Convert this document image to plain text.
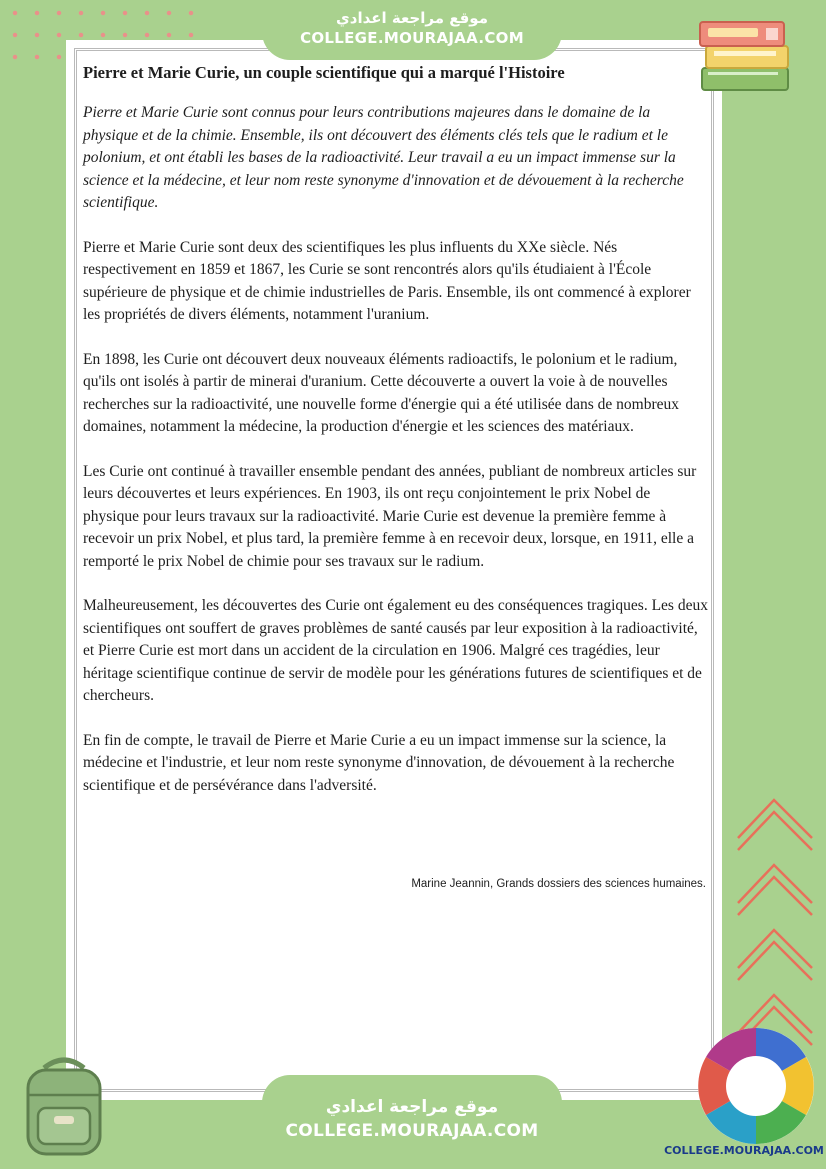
موقع مراجعة اعدادي
COLLEGE.MOURAJAA.COM
Pierre et Marie Curie, un couple scientifique qui a marqué l'Histoire

Pierre et Marie Curie sont connus pour leurs contributions majeures dans le domaine de la physique et de la chimie. Ensemble, ils ont découvert des éléments clés tels que le radium et le polonium, et ont établi les bases de la radioactivité. Leur travail a eu un impact immense sur la science et la médecine, et leur nom reste synonyme d'innovation et de dévouement à la recherche scientifique.

Pierre et Marie Curie sont deux des scientifiques les plus influents du XXe siècle. Nés respectivement en 1859 et 1867, les Curie se sont rencontrés alors qu'ils étudiaient à l'École supérieure de physique et de chimie industrielles de Paris. Ensemble, ils ont commencé à explorer les propriétés de divers éléments, notamment l'uranium.

En 1898, les Curie ont découvert deux nouveaux éléments radioactifs, le polonium et le radium, qu'ils ont isolés à partir de minerai d'uranium. Cette découverte a ouvert la voie à de nouvelles recherches sur la radioactivité, une nouvelle forme d'énergie qui a été utilisée dans de nombreux domaines, notamment la médecine, la production d'énergie et les sciences des matériaux.

Les Curie ont continué à travailler ensemble pendant des années, publiant de nombreux articles sur leurs découvertes et leurs expériences. En 1903, ils ont reçu conjointement le prix Nobel de physique pour leurs travaux sur la radioactivité. Marie Curie est devenue la première femme à recevoir un prix Nobel, et plus tard, la première femme à en recevoir deux, lorsque, en 1911, elle a remporté le prix Nobel de chimie pour ses travaux sur le radium.

Malheureusement, les découvertes des Curie ont également eu des conséquences tragiques. Les deux scientifiques ont souffert de graves problèmes de santé causés par leur exposition à la radioactivité, et Pierre Curie est mort dans un accident de la circulation en 1906. Malgré ces tragédies, leur héritage scientifique continue de servir de modèle pour les générations futures de scientifiques et de chercheurs.

En fin de compte, le travail de Pierre et Marie Curie a eu un impact immense sur la science, la médecine et l'industrie, et leur nom reste synonyme d'innovation, de dévouement à la recherche scientifique et de persévérance dans l'adversité.

Marine Jeannin, Grands dossiers des sciences humaines.
موقع مراجعة اعدادي
COLLEGE.MOURAJAA.COM
COLLEGE.MOURAJAA.COM
